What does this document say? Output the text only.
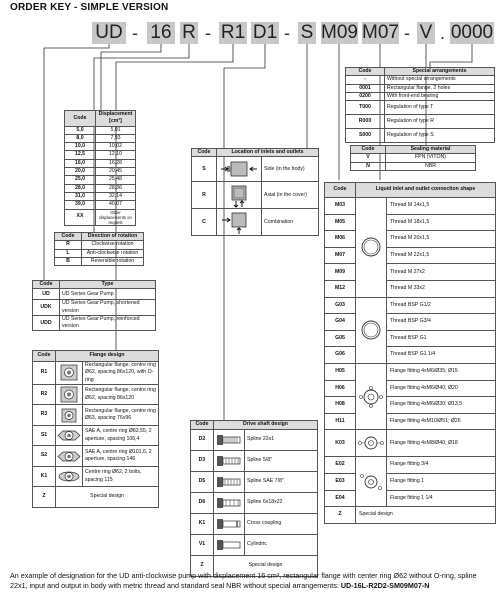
ORDER KEY - SIMPLE VERSION
UD - 16 R - R1 D1 - S M09 M07 - V . 0000
Code	Special arrangements
-	Without special arrangements
0001	Rectangular flange, 2 holes
0200	With front-end bearing
T000	Regulation of type T
R000	Regulation of type R
S000	Regulation of type S
Code	Sealing material
V	FPN (VITON)
N	NBR
Code	Displacement
[cm³]
5,0	5,01
8,0	7,93
10,0	10,02
12,5	12,10
16,0	16,28
20,0	20,45
25,0	25,48
28,0	28,36
31,0	32,14
39,0	40,07
XX	Other displacements on request
Code	Direction of rotation
R	Clockwise rotation
L	Anti-clockwise rotation
B	Reversible rotation
Code	Type
UD	UD Series Gear Pump
UDK	UD Series Gear Pump, shortened version
UDD	UD Series Gear Pump, reinforced version
Code	Location of inlets and outlets	
S		Side (in the body)
R		Axial (in the cover)
C		Combination
Code	Flange design	
R1		Rectangular flange, centre ring Ø62, spacing 86x120, with O-ring
R2		Rectangular flange, centre ring Ø62, spacing 86x120
R3		Rectangular flange, centre ring Ø63, spacing 76x96
S1		SAE A, centre ring Ø82,55, 2 aperture, spacing 106,4
S2		SAE A, centre ring Ø101,6, 2 aperture, spacing 146
K1		Centre ring Ø62, 2 bolts, spacing 115
Z	Special design	
Code	Drive shaft design	
D2		Spline 22x1
D3		Spline 5/8"
D5		Spline SAE 7/8"
D6		Spline 6x18x22
K1		Cross coupling
V1		Cylindric
Z	Special design	
Code	Liquid inlet and outlet connection shape	
M03		Thread M 14x1,5
M05		Thread M 18x1,5
M06		Thread M 20x1,5
M07		Thread M 22x1,5
M09		Thread M 27x2
M12		Thread M 33x2
G03		Thread BSP G1/2
G04		Thread BSP G3/4
G05		Thread BSP G1
G06		Thread BSP G1 1/4
H05		Flange fitting 4xM6/Ø35; Ø15
H06		Flange fitting 4xM6/Ø40; Ø20
H08		Flange fitting 4xM6/Ø30; Ø13,5
H11		Flange fitting 4xM10/Ø51; Ø26
K03		Flange fitting 4xM8/Ø40; Ø18
E02		Flange fitting 3/4
E03		Flange fitting 1
E04		Flange fitting 1 1/4
Z	Special design	
An example of designation for the UD anti-clockwise pump with displacement 16 cm³, rectangular flange with center ring Ø62 without O-ring, spline 22x1, input and output in body with metric thread and standard seal NBR without special arrangements: UD-16L-R2D2-SM09M07-N
